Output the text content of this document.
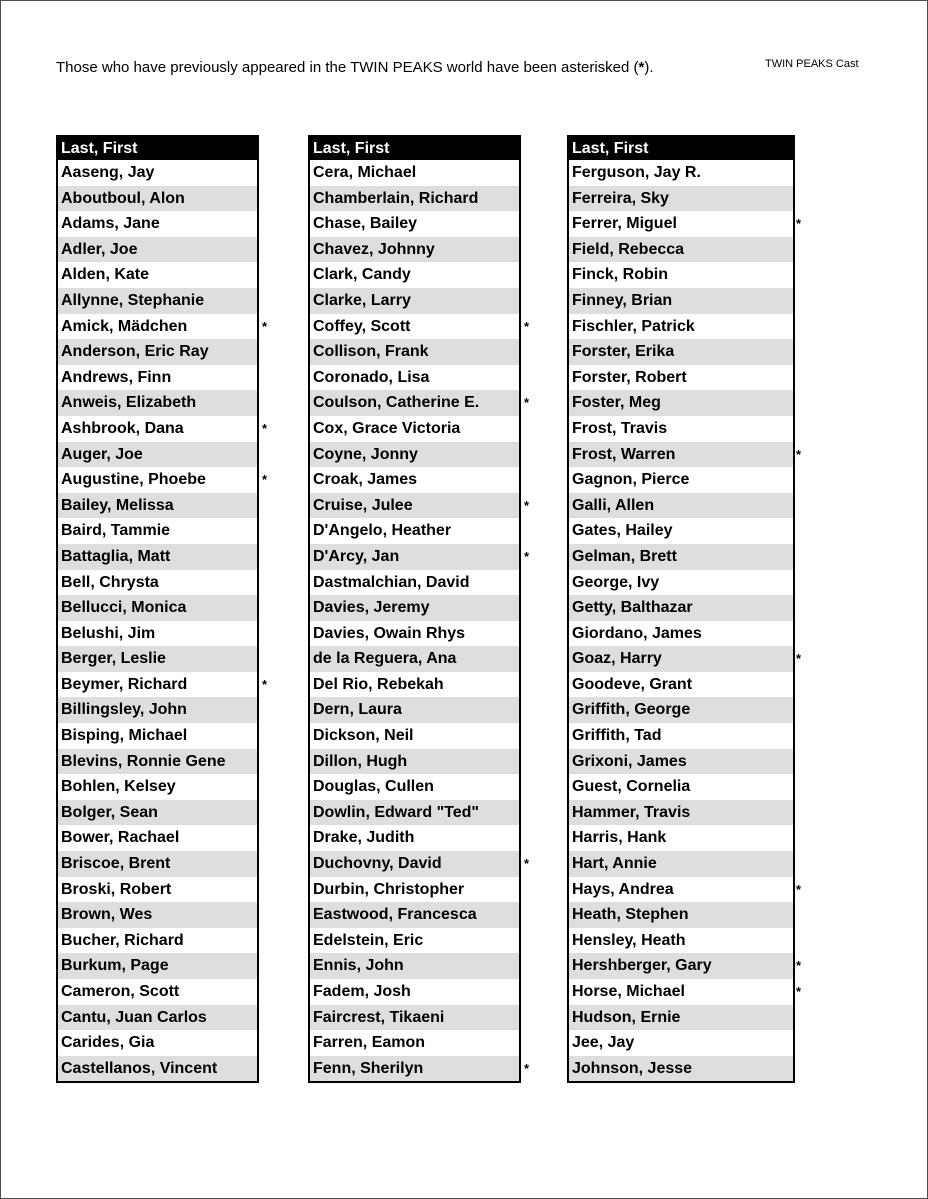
Those who have previously appeared in the TWIN PEAKS world have been asterisked (*).	TWIN PEAKS Cast
Last, First
Aaseng, Jay
Aboutboul, Alon
Adams, Jane
Adler, Joe
Alden, Kate
Allynne, Stephanie
Amick, Mädchen
Anderson, Eric Ray
Andrews, Finn
Anweis, Elizabeth
Ashbrook, Dana
Auger, Joe
Augustine, Phoebe
Bailey, Melissa
Baird, Tammie
Battaglia, Matt
Bell, Chrysta
Bellucci, Monica
Belushi, Jim
Berger, Leslie
Beymer, Richard
Billingsley, John
Bisping, Michael
Blevins, Ronnie Gene
Bohlen, Kelsey
Bolger, Sean
Bower, Rachael
Briscoe, Brent
Broski, Robert
Brown, Wes
Bucher, Richard
Burkum, Page
Cameron, Scott
Cantu, Juan Carlos
Carides, Gia
Castellanos, Vincent
*
*
*
*
Last, First
Cera, Michael
Chamberlain, Richard
Chase, Bailey
Chavez, Johnny
Clark, Candy
Clarke, Larry
Coffey, Scott
Collison, Frank
Coronado, Lisa
Coulson, Catherine E.
Cox, Grace Victoria
Coyne, Jonny
Croak, James
Cruise, Julee
D'Angelo, Heather
D'Arcy, Jan
Dastmalchian, David
Davies, Jeremy
Davies, Owain Rhys
de la Reguera, Ana
Del Rio, Rebekah
Dern, Laura
Dickson, Neil
Dillon, Hugh
Douglas, Cullen
Dowlin, Edward "Ted"
Drake, Judith
Duchovny, David
Durbin, Christopher
Eastwood, Francesca
Edelstein, Eric
Ennis, John
Fadem, Josh
Faircrest, Tikaeni
Farren, Eamon
Fenn, Sherilyn
*
*
*
*
*
*
Last, First
Ferguson, Jay R.
Ferreira, Sky
Ferrer, Miguel
Field, Rebecca
Finck, Robin
Finney, Brian
Fischler, Patrick
Forster, Erika
Forster, Robert
Foster, Meg
Frost, Travis
Frost, Warren
Gagnon, Pierce
Galli, Allen
Gates, Hailey
Gelman, Brett
George, Ivy
Getty, Balthazar
Giordano, James
Goaz, Harry
Goodeve, Grant
Griffith, George
Griffith, Tad
Grixoni, James
Guest, Cornelia
Hammer, Travis
Harris, Hank
Hart, Annie
Hays, Andrea
Heath, Stephen
Hensley, Heath
Hershberger, Gary
Horse, Michael
Hudson, Ernie
Jee, Jay
Johnson, Jesse
*
*
*
*
*
*
